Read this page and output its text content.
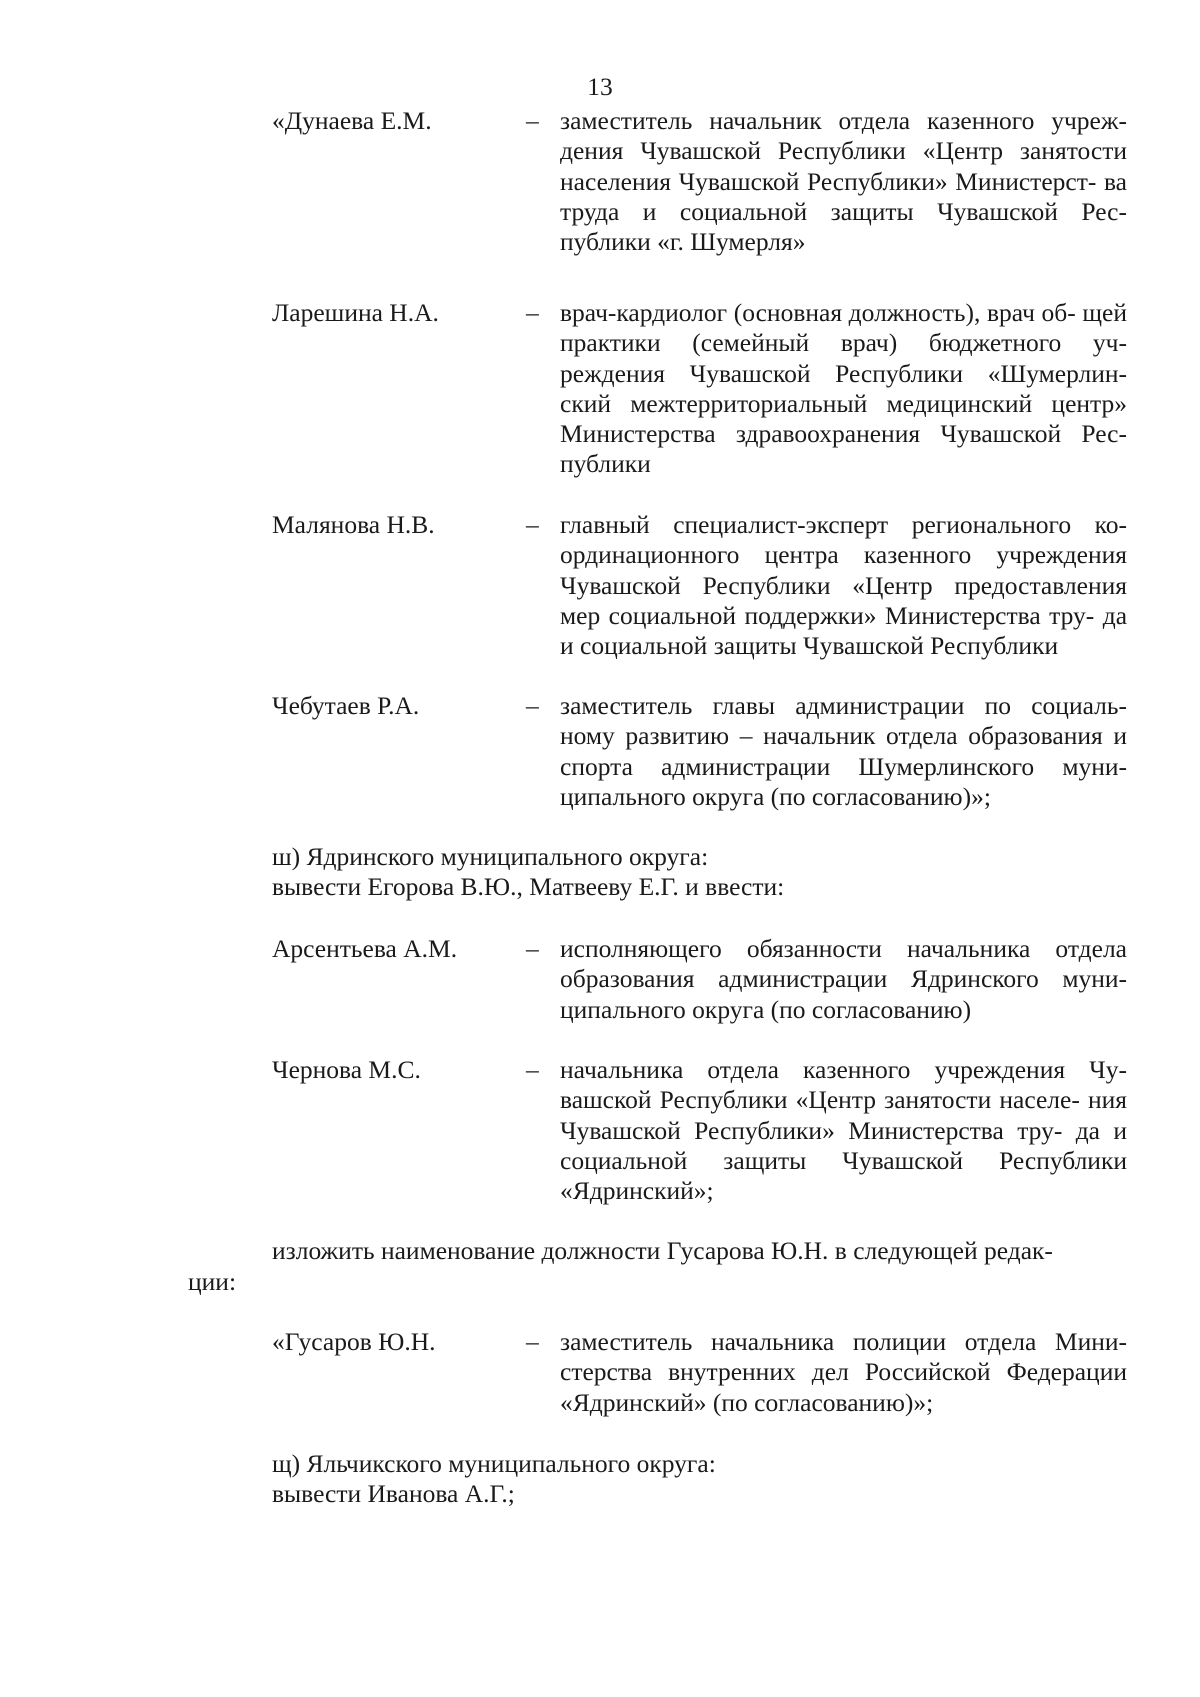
13
«Дунаева Е.М.	– заместитель начальник отдела казенного учреж- дения Чувашской Республики «Центр занятости населения Чувашской Республики» Министерст- ва труда и социальной защиты Чувашской Рес- публики «г. Шумерля»
Ларешина Н.А.	– врач-кардиолог (основная должность), врач об- щей практики (семейный врач) бюджетного уч- реждения Чувашской Республики «Шумерлин- ский межтерриториальный медицинский центр» Министерства здравоохранения Чувашской Рес- публики
Малянова Н.В.	– главный специалист-эксперт регионального ко- ординационного центра казенного учреждения Чувашской Республики «Центр предоставления мер социальной поддержки» Министерства тру- да и социальной защиты Чувашской Республики
Чебутаев Р.А.	– заместитель главы администрации по социаль- ному развитию – начальник отдела образования и спорта администрации Шумерлинского муни- ципального округа (по согласованию)»;
ш) Ядринского муниципального округа:
вывести Егорова В.Ю., Матвееву Е.Г. и ввести:
Арсентьева А.М.	– исполняющего обязанности начальника отдела образования администрации Ядринского муни- ципального округа (по согласованию)
Чернова М.С.	– начальника отдела казенного учреждения Чу- вашской Республики «Центр занятости населе- ния Чувашской Республики» Министерства тру- да и социальной защиты Чувашской Республики «Ядринский»;
изложить наименование должности Гусарова Ю.Н. в следующей редак-
ции:
«Гусаров Ю.Н.	– заместитель начальника полиции отдела Мини- стерства внутренних дел Российской Федерации «Ядринский» (по согласованию)»;
щ) Яльчикского муниципального округа:
вывести Иванова А.Г.;
